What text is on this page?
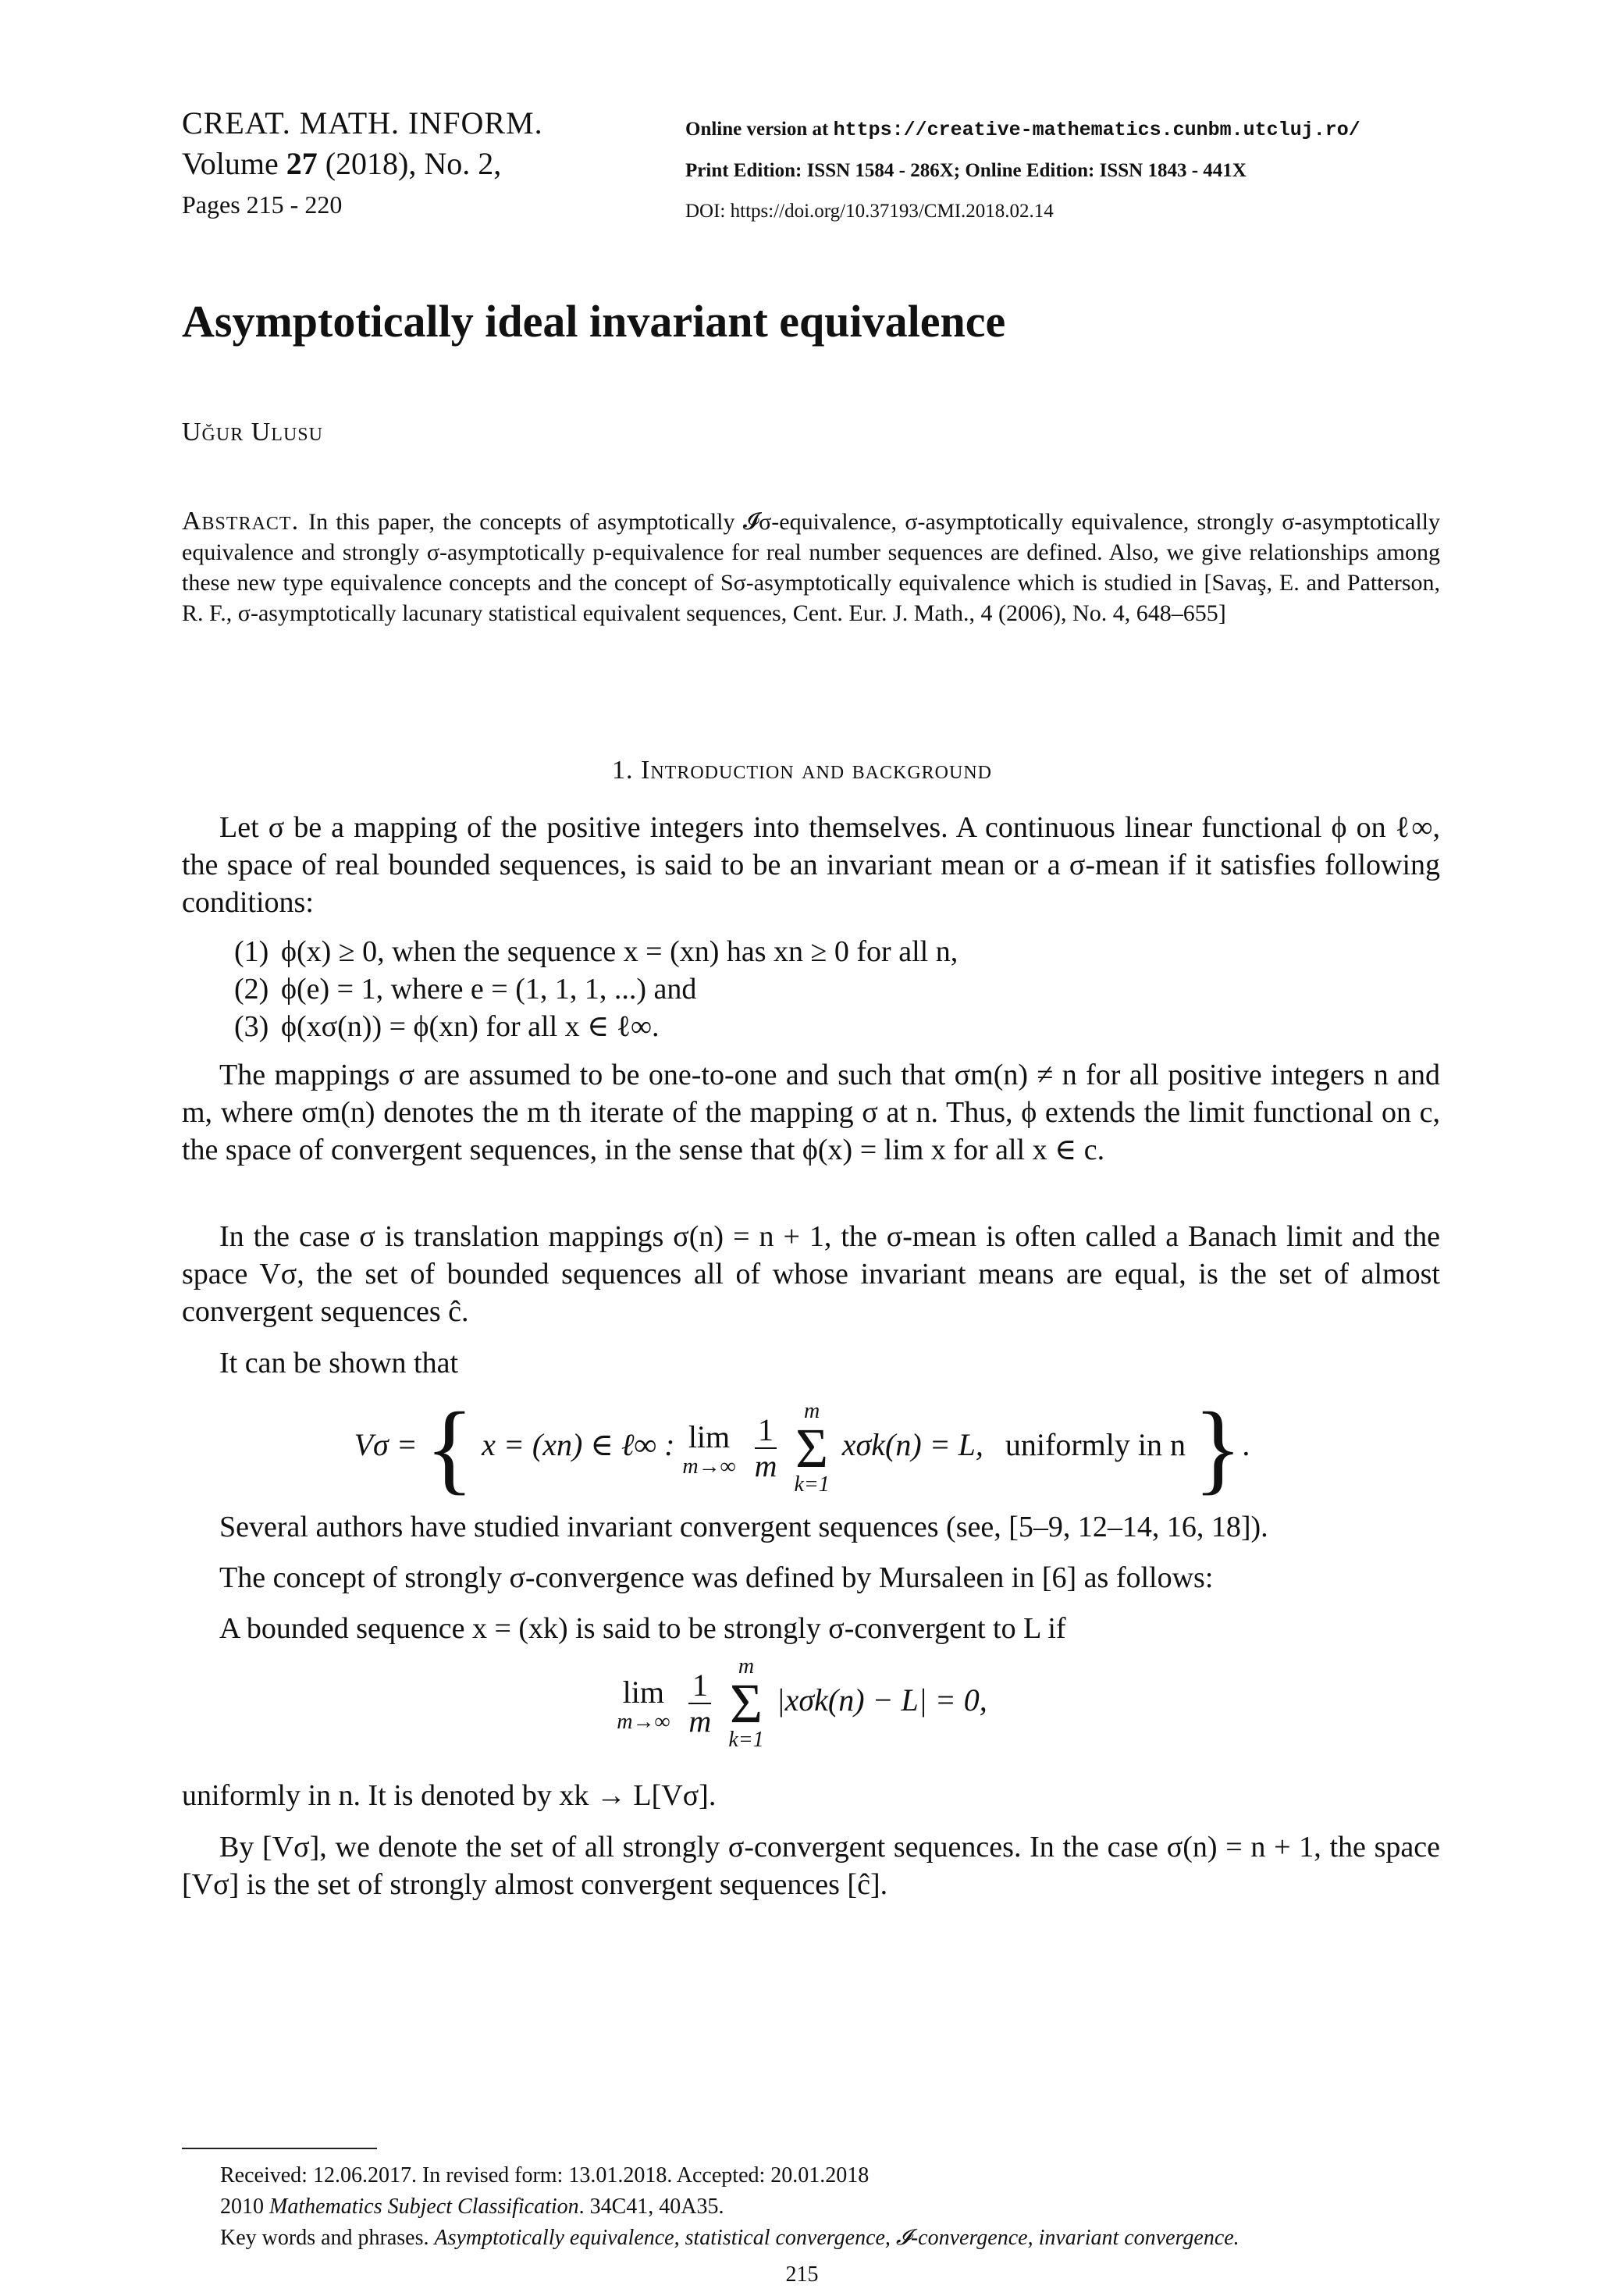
CREAT. MATH. INFORM.
Volume 27 (2018), No. 2,
Pages 215 - 220
Online version at https://creative-mathematics.cunbm.utcluj.ro/
Print Edition: ISSN 1584 - 286X; Online Edition: ISSN 1843 - 441X
DOI: https://doi.org/10.37193/CMI.2018.02.14
Asymptotically ideal invariant equivalence
Uğur Ulusu
Abstract. In this paper, the concepts of asymptotically 𝓘σ-equivalence, σ-asymptotically equivalence, strongly σ-asymptotically equivalence and strongly σ-asymptotically p-equivalence for real number sequences are defined. Also, we give relationships among these new type equivalence concepts and the concept of Sσ-asymptotically equivalence which is studied in [Savaş, E. and Patterson, R. F., σ-asymptotically lacunary statistical equivalent sequences, Cent. Eur. J. Math., 4 (2006), No. 4, 648–655]
1. Introduction and background

Let σ be a mapping of the positive integers into themselves. A continuous linear functional ϕ on ℓ∞, the space of real bounded sequences, is said to be an invariant mean or a σ-mean if it satisfies following conditions:

(1) ϕ(x) ≥ 0, when the sequence x = (xn) has xn ≥ 0 for all n,
(2) ϕ(e) = 1, where e = (1, 1, 1, ...) and
(3) ϕ(xσ(n)) = ϕ(xn) for all x ∈ ℓ∞.

The mappings σ are assumed to be one-to-one and such that σm(n) ≠ n for all positive integers n and m, where σm(n) denotes the m th iterate of the mapping σ at n. Thus, ϕ extends the limit functional on c, the space of convergent sequences, in the sense that ϕ(x) = lim x for all x ∈ c.

In the case σ is translation mappings σ(n) = n + 1, the σ-mean is often called a Banach limit and the space Vσ, the set of bounded sequences all of whose invariant means are equal, is the set of almost convergent sequences ĉ.

It can be shown that

Vσ = { x = (xn) ∈ ℓ∞ : lim
m→∞
$\frac{1}{m}$

m
Σ
k=1
xσk(n) = L, uniformly in n }.

Several authors have studied invariant convergent sequences (see, [5–9, 12–14, 16, 18]).

The concept of strongly σ-convergence was defined by Mursaleen in [6] as follows:

A bounded sequence x = (xk) is said to be strongly σ-convergent to L if

lim
m→∞
$\frac{1}{m}$

m
Σ
k=1
|xσk(n) − L| = 0,

uniformly in n. It is denoted by xk → L[Vσ].

By [Vσ], we denote the set of all strongly σ-convergent sequences. In the case σ(n) = n + 1, the space [Vσ] is the set of strongly almost convergent sequences [ĉ].

Received: 12.06.2017. In revised form: 13.01.2018. Accepted: 20.01.2018
2010 Mathematics Subject Classification. 34C41, 40A35.
Key words and phrases. Asymptotically equivalence, statistical convergence, 𝓘-convergence, invariant convergence.
215
